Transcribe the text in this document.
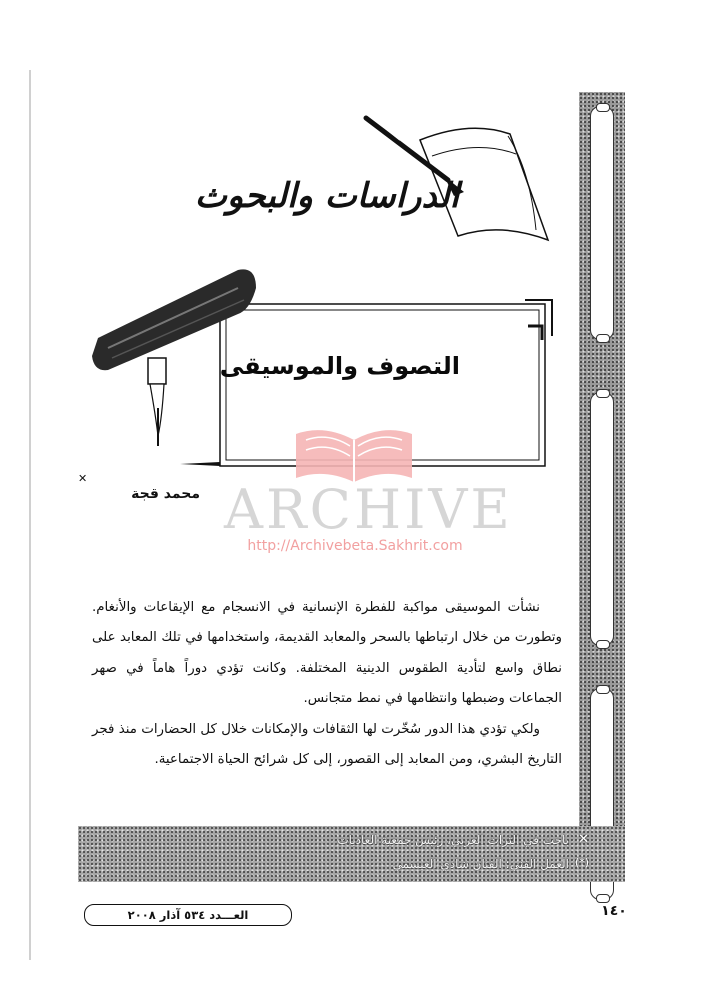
الدراسات والبحوث
التصوف والموسيقى
✕
محمد قجة ARCHIVE
http://Archivebeta.Sakhrit.com

نشأت الموسيقى مواكبة للفطرة الإنسانية في الانسجام مع الإيقاعات والأنغام. وتطورت من خلال ارتباطها بالسحر والمعابد القديمة، واستخدامها في تلك المعابد على نطاق واسع لتأدية الطقوس الدينية المختلفة. وكانت تؤدي دوراً هاماً في صهر الجماعات وضبطها وانتظامها في نمط متجانس.

ولكي تؤدي هذا الدور سُخّرت لها الثقافات والإمكانات خلال كل الحضارات منذ فجر التاريخ البشري، ومن المعابد إلى القصور، إلى كل شرائح الحياة الاجتماعية.

✕
باحث في التراث العربي، رئيس جمعية العاديات
(*)
العمل الفني: الفنان شادي العيسمي
العـــدد ٥٣٤ آذار ٢٠٠٨	١٤٠
